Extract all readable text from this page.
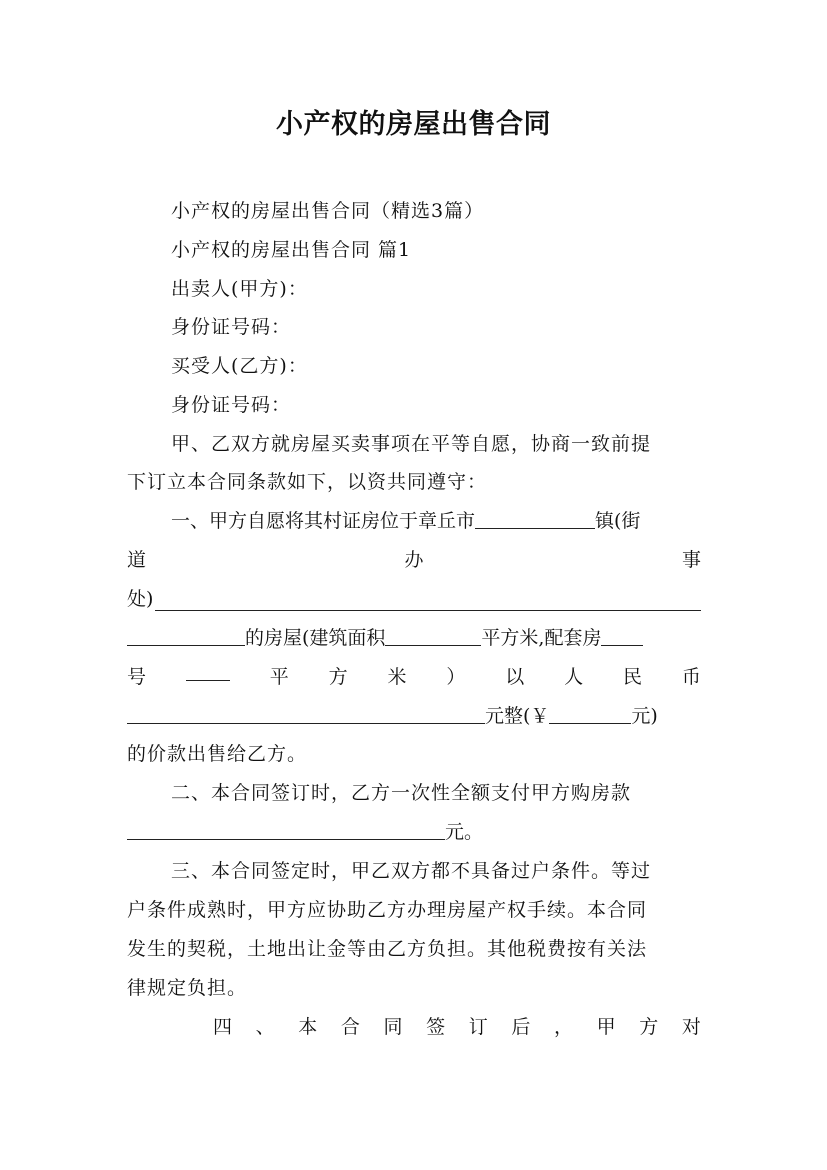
小产权的房屋出售合同
小产权的房屋出售合同（精选3篇）
小产权的房屋出售合同 篇1
出卖人(甲方)：
身份证号码：
买受人(乙方)：
身份证号码：
甲、乙双方就房屋买卖事项在平等自愿，协商一致前提
下订立本合同条款如下，以资共同遵守：
一、甲方自愿将其村证房位于章丘市	镇(街
道	办	事
处)
的房屋(建筑面积	平方米,配套房
号	平 方 米 ） 以 人 民 币
元整(￥	元)
的价款出售给乙方。
二、本合同签订时，乙方一次性全额支付甲方购房款
元。
三、本合同签定时，甲乙双方都不具备过户条件。等过
户条件成熟时，甲方应协助乙方办理房屋产权手续。本合同
发生的契税，土地出让金等由乙方负担。其他税费按有关法
律规定负担。
四 、 本 合 同 签 订 后 ， 甲 方 对
